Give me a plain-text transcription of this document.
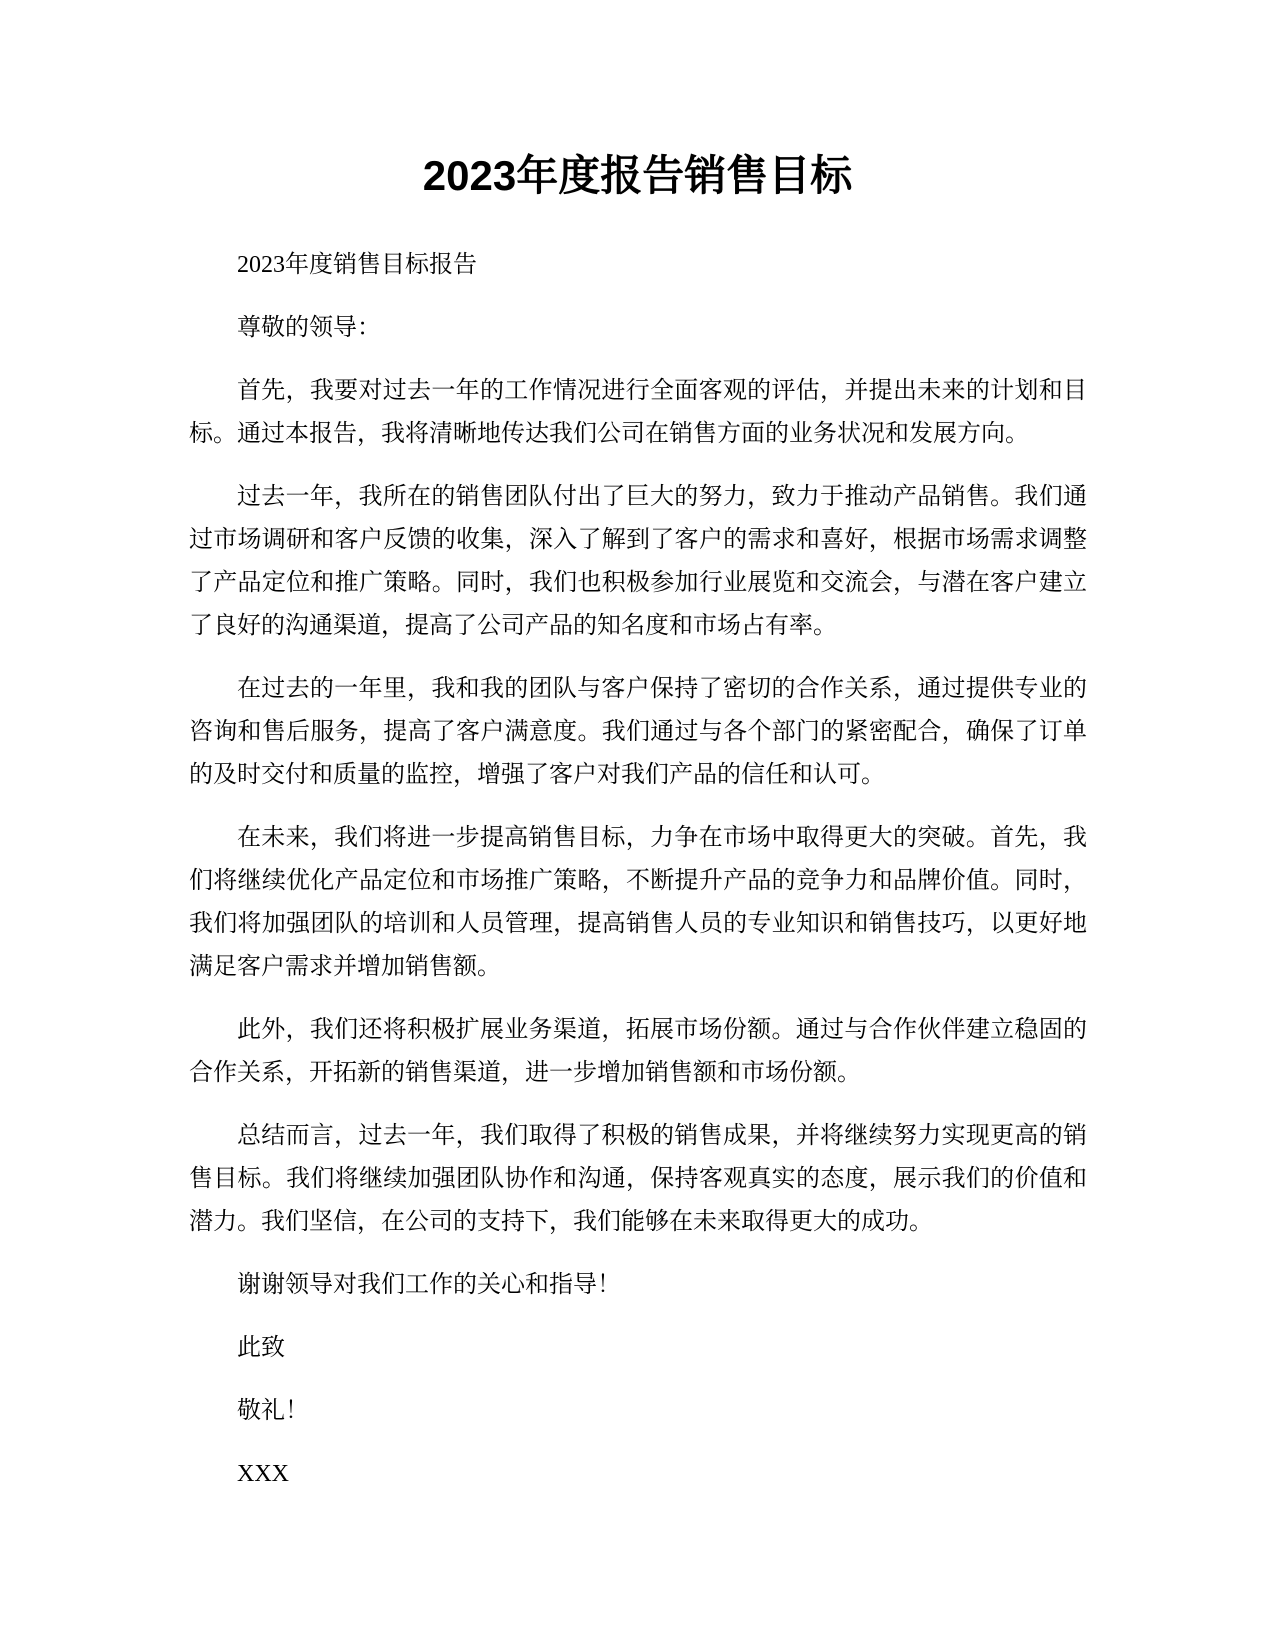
2023年度报告销售目标

2023年度销售目标报告

尊敬的领导：

首先，我要对过去一年的工作情况进行全面客观的评估，并提出未来的计划和目标。通过本报告，我将清晰地传达我们公司在销售方面的业务状况和发展方向。

过去一年，我所在的销售团队付出了巨大的努力，致力于推动产品销售。我们通过市场调研和客户反馈的收集，深入了解到了客户的需求和喜好，根据市场需求调整了产品定位和推广策略。同时，我们也积极参加行业展览和交流会，与潜在客户建立了良好的沟通渠道，提高了公司产品的知名度和市场占有率。

在过去的一年里，我和我的团队与客户保持了密切的合作关系，通过提供专业的咨询和售后服务，提高了客户满意度。我们通过与各个部门的紧密配合，确保了订单的及时交付和质量的监控，增强了客户对我们产品的信任和认可。

在未来，我们将进一步提高销售目标，力争在市场中取得更大的突破。首先，我们将继续优化产品定位和市场推广策略，不断提升产品的竞争力和品牌价值。同时，我们将加强团队的培训和人员管理，提高销售人员的专业知识和销售技巧，以更好地满足客户需求并增加销售额。

此外，我们还将积极扩展业务渠道，拓展市场份额。通过与合作伙伴建立稳固的合作关系，开拓新的销售渠道，进一步增加销售额和市场份额。

总结而言，过去一年，我们取得了积极的销售成果，并将继续努力实现更高的销售目标。我们将继续加强团队协作和沟通，保持客观真实的态度，展示我们的价值和潜力。我们坚信，在公司的支持下，我们能够在未来取得更大的成功。

谢谢领导对我们工作的关心和指导！

此致

敬礼！

XXX
